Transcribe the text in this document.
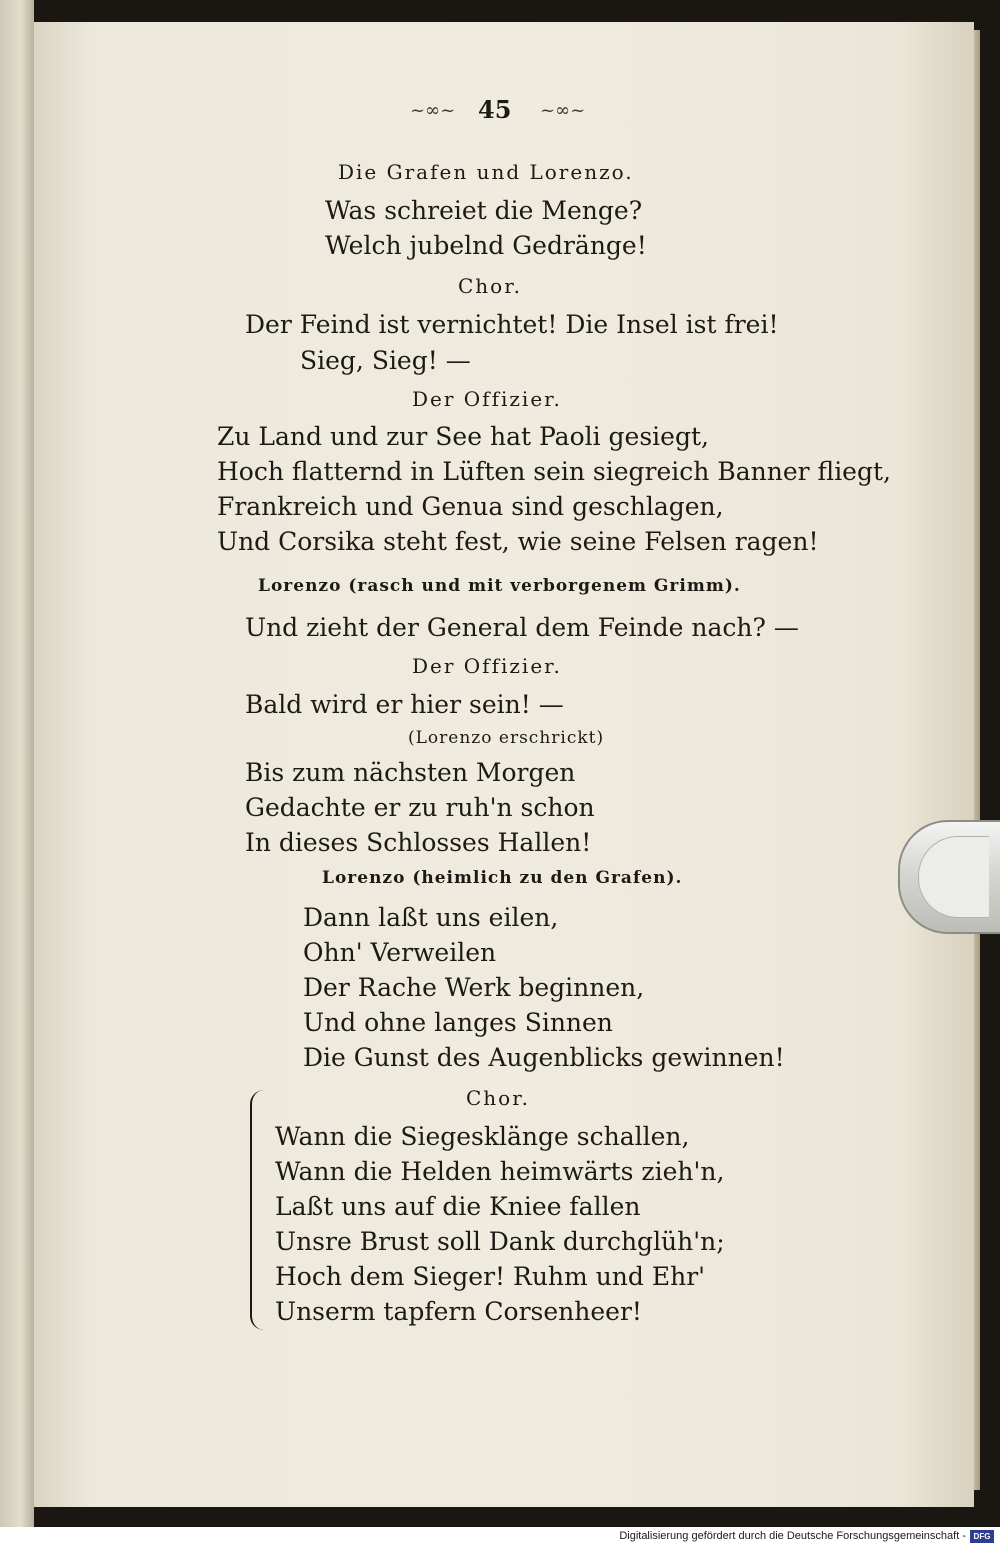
~∞~ 45 ~∞~
Die Grafen und Lorenzo.
Was schreiet die Menge?
Welch jubelnd Gedränge!
Chor.
Der Feind ist vernichtet! Die Insel ist frei!
Sieg, Sieg! —
Der Offizier.
Zu Land und zur See hat Paoli gesiegt,
Hoch flatternd in Lüften sein siegreich Banner fliegt,
Frankreich und Genua sind geschlagen,
Und Corsika steht fest, wie seine Felsen ragen!
Lorenzo (rasch und mit verborgenem Grimm).
Und zieht der General dem Feinde nach? —
Der Offizier.
Bald wird er hier sein! —
(Lorenzo erschrickt)
Bis zum nächsten Morgen
Gedachte er zu ruh'n schon
In dieses Schlosses Hallen!
Lorenzo (heimlich zu den Grafen).
Dann laßt uns eilen,
Ohn' Verweilen
Der Rache Werk beginnen,
Und ohne langes Sinnen
Die Gunst des Augenblicks gewinnen!
Chor.
Wann die Siegesklänge schallen,
Wann die Helden heimwärts zieh'n,
Laßt uns auf die Kniee fallen
Unsre Brust soll Dank durchglüh'n;
Hoch dem Sieger! Ruhm und Ehr'
Unserm tapfern Corsenheer!
Digitalisierung gefördert durch die Deutsche Forschungsgemeinschaft - DFG
